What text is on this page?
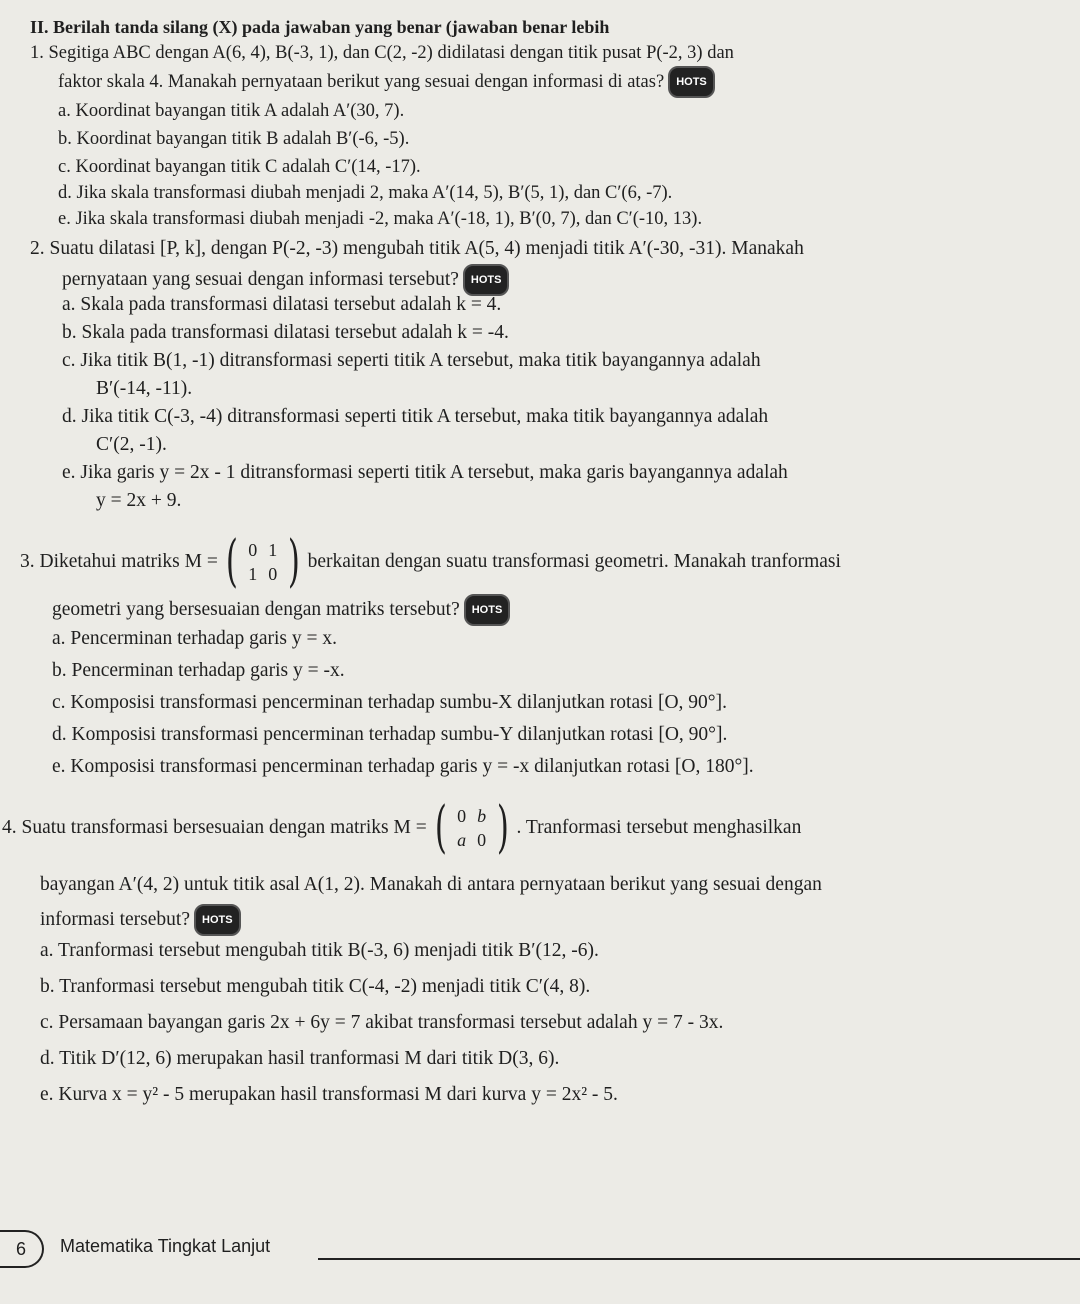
II. Berilah tanda silang (X) pada jawaban yang benar (jawaban benar lebih
1. Segitiga ABC dengan A(6, 4), B(-3, 1), dan C(2, -2) didilatasi dengan titik pusat P(-2, 3) dan
faktor skala 4. Manakah pernyataan berikut yang sesuai dengan informasi di atas? HOTS
a. Koordinat bayangan titik A adalah A′(30, 7).
b. Koordinat bayangan titik B adalah B′(-6, -5).
c. Koordinat bayangan titik C adalah C′(14, -17).
d. Jika skala transformasi diubah menjadi 2, maka A′(14, 5), B′(5, 1), dan C′(6, -7).
e. Jika skala transformasi diubah menjadi -2, maka A′(-18, 1), B′(0, 7), dan C′(-10, 13).
2. Suatu dilatasi [P, k], dengan P(-2, -3) mengubah titik A(5, 4) menjadi titik A′(-30, -31). Manakah
pernyataan yang sesuai dengan informasi tersebut? HOTS
a. Skala pada transformasi dilatasi tersebut adalah k = 4.
b. Skala pada transformasi dilatasi tersebut adalah k = -4.
c. Jika titik B(1, -1) ditransformasi seperti titik A tersebut, maka titik bayangannya adalah
B′(-14, -11).
d. Jika titik C(-3, -4) ditransformasi seperti titik A tersebut, maka titik bayangannya adalah
C′(2, -1).
e. Jika garis y = 2x - 1 ditransformasi seperti titik A tersebut, maka garis bayangannya adalah
y = 2x + 9.
3. Diketahui matriks M = ( 0 1
1 0 ) berkaitan dengan suatu transformasi geometri. Manakah tranformasi
geometri yang bersesuaian dengan matriks tersebut? HOTS
a. Pencerminan terhadap garis y = x.
b. Pencerminan terhadap garis y = -x.
c. Komposisi transformasi pencerminan terhadap sumbu-X dilanjutkan rotasi [O, 90°].
d. Komposisi transformasi pencerminan terhadap sumbu-Y dilanjutkan rotasi [O, 90°].
e. Komposisi transformasi pencerminan terhadap garis y = -x dilanjutkan rotasi [O, 180°].
4. Suatu transformasi bersesuaian dengan matriks M = ( 0 b
a 0 ) . Tranformasi tersebut menghasilkan
bayangan A′(4, 2) untuk titik asal A(1, 2). Manakah di antara pernyataan berikut yang sesuai dengan
informasi tersebut? HOTS
a. Tranformasi tersebut mengubah titik B(-3, 6) menjadi titik B′(12, -6).
b. Tranformasi tersebut mengubah titik C(-4, -2) menjadi titik C′(4, 8).
c. Persamaan bayangan garis 2x + 6y = 7 akibat transformasi tersebut adalah y = 7 - 3x.
d. Titik D′(12, 6) merupakan hasil tranformasi M dari titik D(3, 6).
e. Kurva x = y² - 5 merupakan hasil transformasi M dari kurva y = 2x² - 5.
6	Matematika Tingkat Lanjut
